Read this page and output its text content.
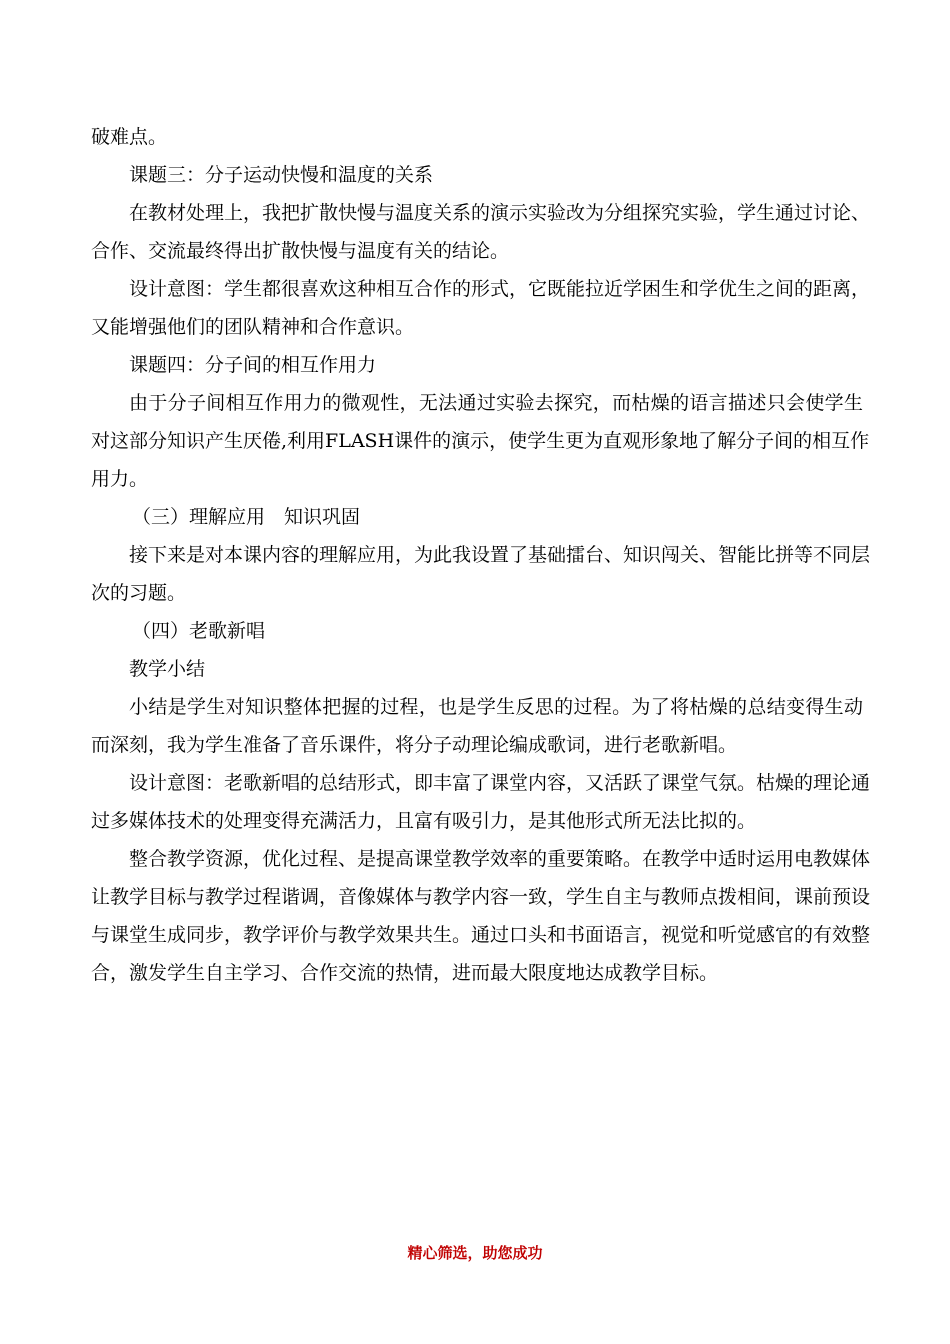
破难点。

课题三：分子运动快慢和温度的关系

在教材处理上，我把扩散快慢与温度关系的演示实验改为分组探究实验，学生通过讨论、

合作、交流最终得出扩散快慢与温度有关的结论。

设计意图：学生都很喜欢这种相互合作的形式，它既能拉近学困生和学优生之间的距离，

又能增强他们的团队精神和合作意识。

课题四：分子间的相互作用力

由于分子间相互作用力的微观性，无法通过实验去探究，而枯燥的语言描述只会使学生

对这部分知识产生厌倦,利用FLASH课件的演示，使学生更为直观形象地了解分子间的相互作

用力。

（三）理解应用　知识巩固

接下来是对本课内容的理解应用，为此我设置了基础擂台、知识闯关、智能比拼等不同层

次的习题。

（四）老歌新唱

教学小结

小结是学生对知识整体把握的过程，也是学生反思的过程。为了将枯燥的总结变得生动

而深刻，我为学生准备了音乐课件，将分子动理论编成歌词，进行老歌新唱。

设计意图：老歌新唱的总结形式，即丰富了课堂内容，又活跃了课堂气氛。枯燥的理论通

过多媒体技术的处理变得充满活力，且富有吸引力，是其他形式所无法比拟的。

整合教学资源，优化过程、是提高课堂教学效率的重要策略。在教学中适时运用电教媒体

让教学目标与教学过程谐调，音像媒体与教学内容一致，学生自主与教师点拨相间，课前预设

与课堂生成同步，教学评价与教学效果共生。通过口头和书面语言，视觉和听觉感官的有效整

合，激发学生自主学习、合作交流的热情，进而最大限度地达成教学目标。

精心筛选，助您成功
